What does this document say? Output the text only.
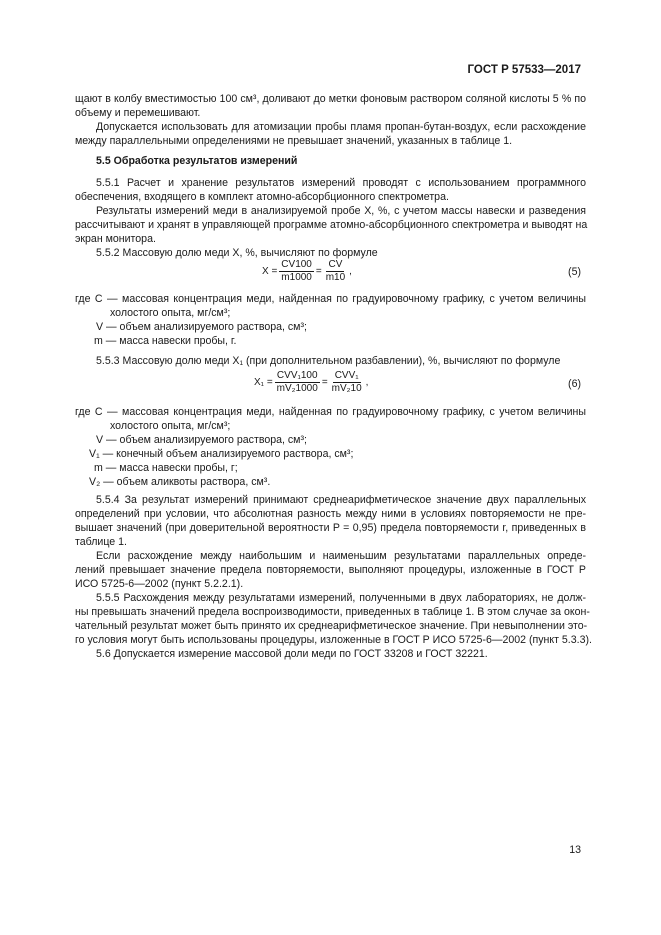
ГОСТ Р 57533—2017
щают в колбу вместимостью 100 см³, доливают до метки фоновым раствором соляной кислоты 5 % по
объему и перемешивают.
Допускается использовать для атомизации пробы пламя пропан-бутан-воздух, если расхождение
между параллельными определениями не превышает значений, указанных в таблице 1.
5.5 Обработка результатов измерений
5.5.1 Расчет и хранение результатов измерений проводят с использованием программного
обеспечения, входящего в комплект атомно-абсорбционного спектрометра.
Результаты измерений меди в анализируемой пробе X, %, с учетом массы навески и разведения
рассчитывают и хранят в управляющей программе атомно-абсорбционного спектрометра и выводят на
экран монитора.
5.5.2 Массовую долю меди X, %, вычисляют по формуле
$X = \frac{CV100}{m1000} = \frac{CV}{m10}$ ,	(5)
где C — массовая концентрация меди, найденная по градуировочному графику, с учетом величины
холостого опыта, мг/см³;
V — объем анализируемого раствора, см³;
m — масса навески пробы, г.
5.5.3 Массовую долю меди X₁ (при дополнительном разбавлении), %, вычисляют по формуле
$X_1 = \frac{\text{CVV₁100}}{\text{mV₂1000}} = \frac{\text{CVV₁}}{\text{mV₂10}}$ ,	(6)
где C — массовая концентрация меди, найденная по градуировочному графику, с учетом величины
холостого опыта, мг/см³;
V — объем анализируемого раствора, см³;
V₁ — конечный объем анализируемого раствора, см³;
m — масса навески пробы, г;
V₂ — объем аликвоты раствора, см³.
5.5.4 За результат измерений принимают среднеарифметическое значение двух параллельных
определений при условии, что абсолютная разность между ними в условиях повторяемости не пре-
вышает значений (при доверительной вероятности P = 0,95) предела повторяемости r, приведенных в
таблице 1.
Если расхождение между наибольшим и наименьшим результатами параллельных опреде-
лений превышает значение предела повторяемости, выполняют процедуры, изложенные в ГОСТ Р
ИСО 5725-6—2002 (пункт 5.2.2.1).
5.5.5 Расхождения между результатами измерений, полученными в двух лабораториях, не долж-
ны превышать значений предела воспроизводимости, приведенных в таблице 1. В этом случае за окон-
чательный результат может быть принято их среднеарифметическое значение. При невыполнении это-
го условия могут быть использованы процедуры, изложенные в ГОСТ Р ИСО 5725-6—2002 (пункт 5.3.3).
5.6 Допускается измерение массовой доли меди по ГОСТ 33208 и ГОСТ 32221.
13
